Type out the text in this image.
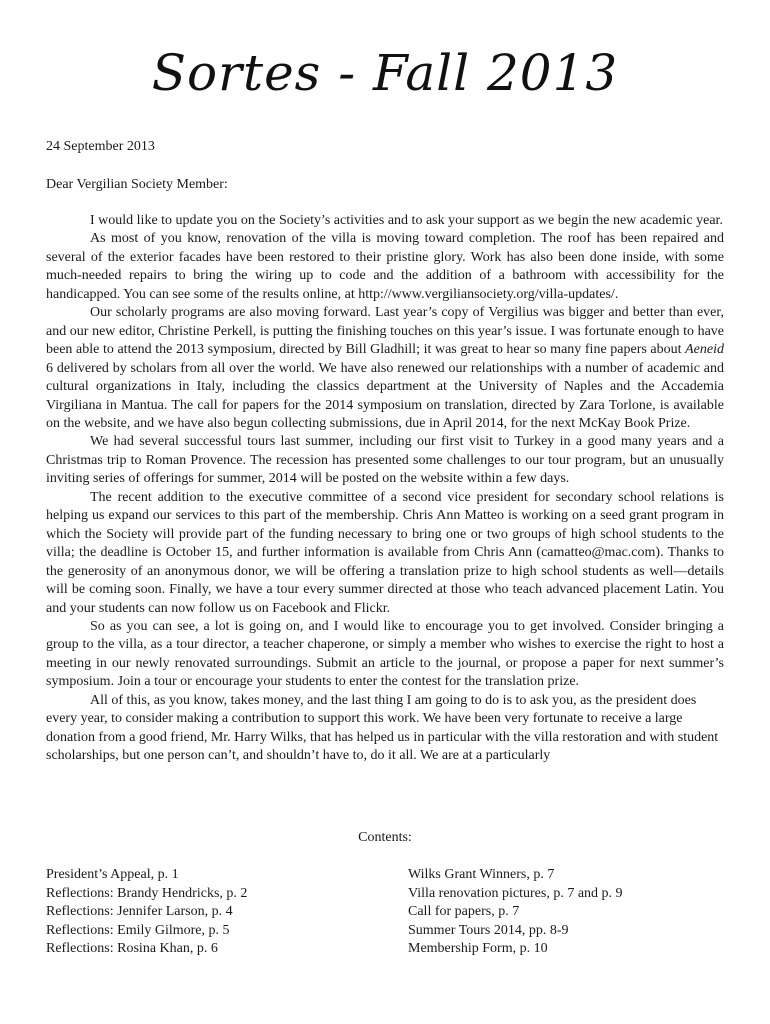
Sortes - Fall 2013
24 September 2013
Dear Vergilian Society Member:

I would like to update you on the Society’s activities and to ask your support as we begin the new academic year.

As most of you know, renovation of the villa is moving toward completion. The roof has been repaired and several of the exterior facades have been restored to their pristine glory. Work has also been done inside, with some much-needed repairs to bring the wiring up to code and the addition of a bathroom with accessibility for the handicapped. You can see some of the results online, at http://www.vergiliansociety.org/villa-updates/.

Our scholarly programs are also moving forward. Last year’s copy of Vergilius was bigger and better than ever, and our new editor, Christine Perkell, is putting the finishing touches on this year’s issue. I was fortunate enough to have been able to attend the 2013 symposium, directed by Bill Gladhill; it was great to hear so many fine papers about Aeneid 6 delivered by scholars from all over the world. We have also renewed our relationships with a number of academic and cultural organizations in Italy, including the classics department at the University of Naples and the Accademia Virgiliana in Mantua. The call for papers for the 2014 symposium on translation, directed by Zara Torlone, is available on the website, and we have also begun collecting submissions, due in April 2014, for the next McKay Book Prize.

We had several successful tours last summer, including our first visit to Turkey in a good many years and a Christmas trip to Roman Provence. The recession has presented some challenges to our tour program, but an unusually inviting series of offerings for summer, 2014 will be posted on the website within a few days.

The recent addition to the executive committee of a second vice president for secondary school relations is helping us expand our services to this part of the membership. Chris Ann Matteo is working on a seed grant program in which the Society will provide part of the funding necessary to bring one or two groups of high school students to the villa; the deadline is October 15, and further information is available from Chris Ann (camatteo@mac.com). Thanks to the generosity of an anonymous donor, we will be offering a translation prize to high school students as well—details will be coming soon. Finally, we have a tour every summer directed at those who teach advanced placement Latin. You and your students can now follow us on Facebook and Flickr.

So as you can see, a lot is going on, and I would like to encourage you to get involved. Consider bringing a group to the villa, as a tour director, a teacher chaperone, or simply a member who wishes to exercise the right to host a meeting in our newly renovated surroundings. Submit an article to the journal, or propose a paper for next summer’s symposium. Join a tour or encourage your students to enter the contest for the translation prize.

All of this, as you know, takes money, and the last thing I am going to do is to ask you, as the president does every year, to consider making a contribution to support this work. We have been very fortunate to receive a large donation from a good friend, Mr. Harry Wilks, that has helped us in particular with the villa restoration and with student scholarships, but one person can’t, and shouldn’t have to, do it all. We are at a particularly

Contents:
President’s Appeal, p. 1
Reflections: Brandy Hendricks, p. 2
Reflections: Jennifer Larson, p. 4
Reflections: Emily Gilmore, p. 5
Reflections: Rosina Khan, p. 6
Wilks Grant Winners, p. 7
Villa renovation pictures, p. 7 and p. 9
Call for papers, p. 7
Summer Tours 2014, pp. 8-9
Membership Form, p. 10
